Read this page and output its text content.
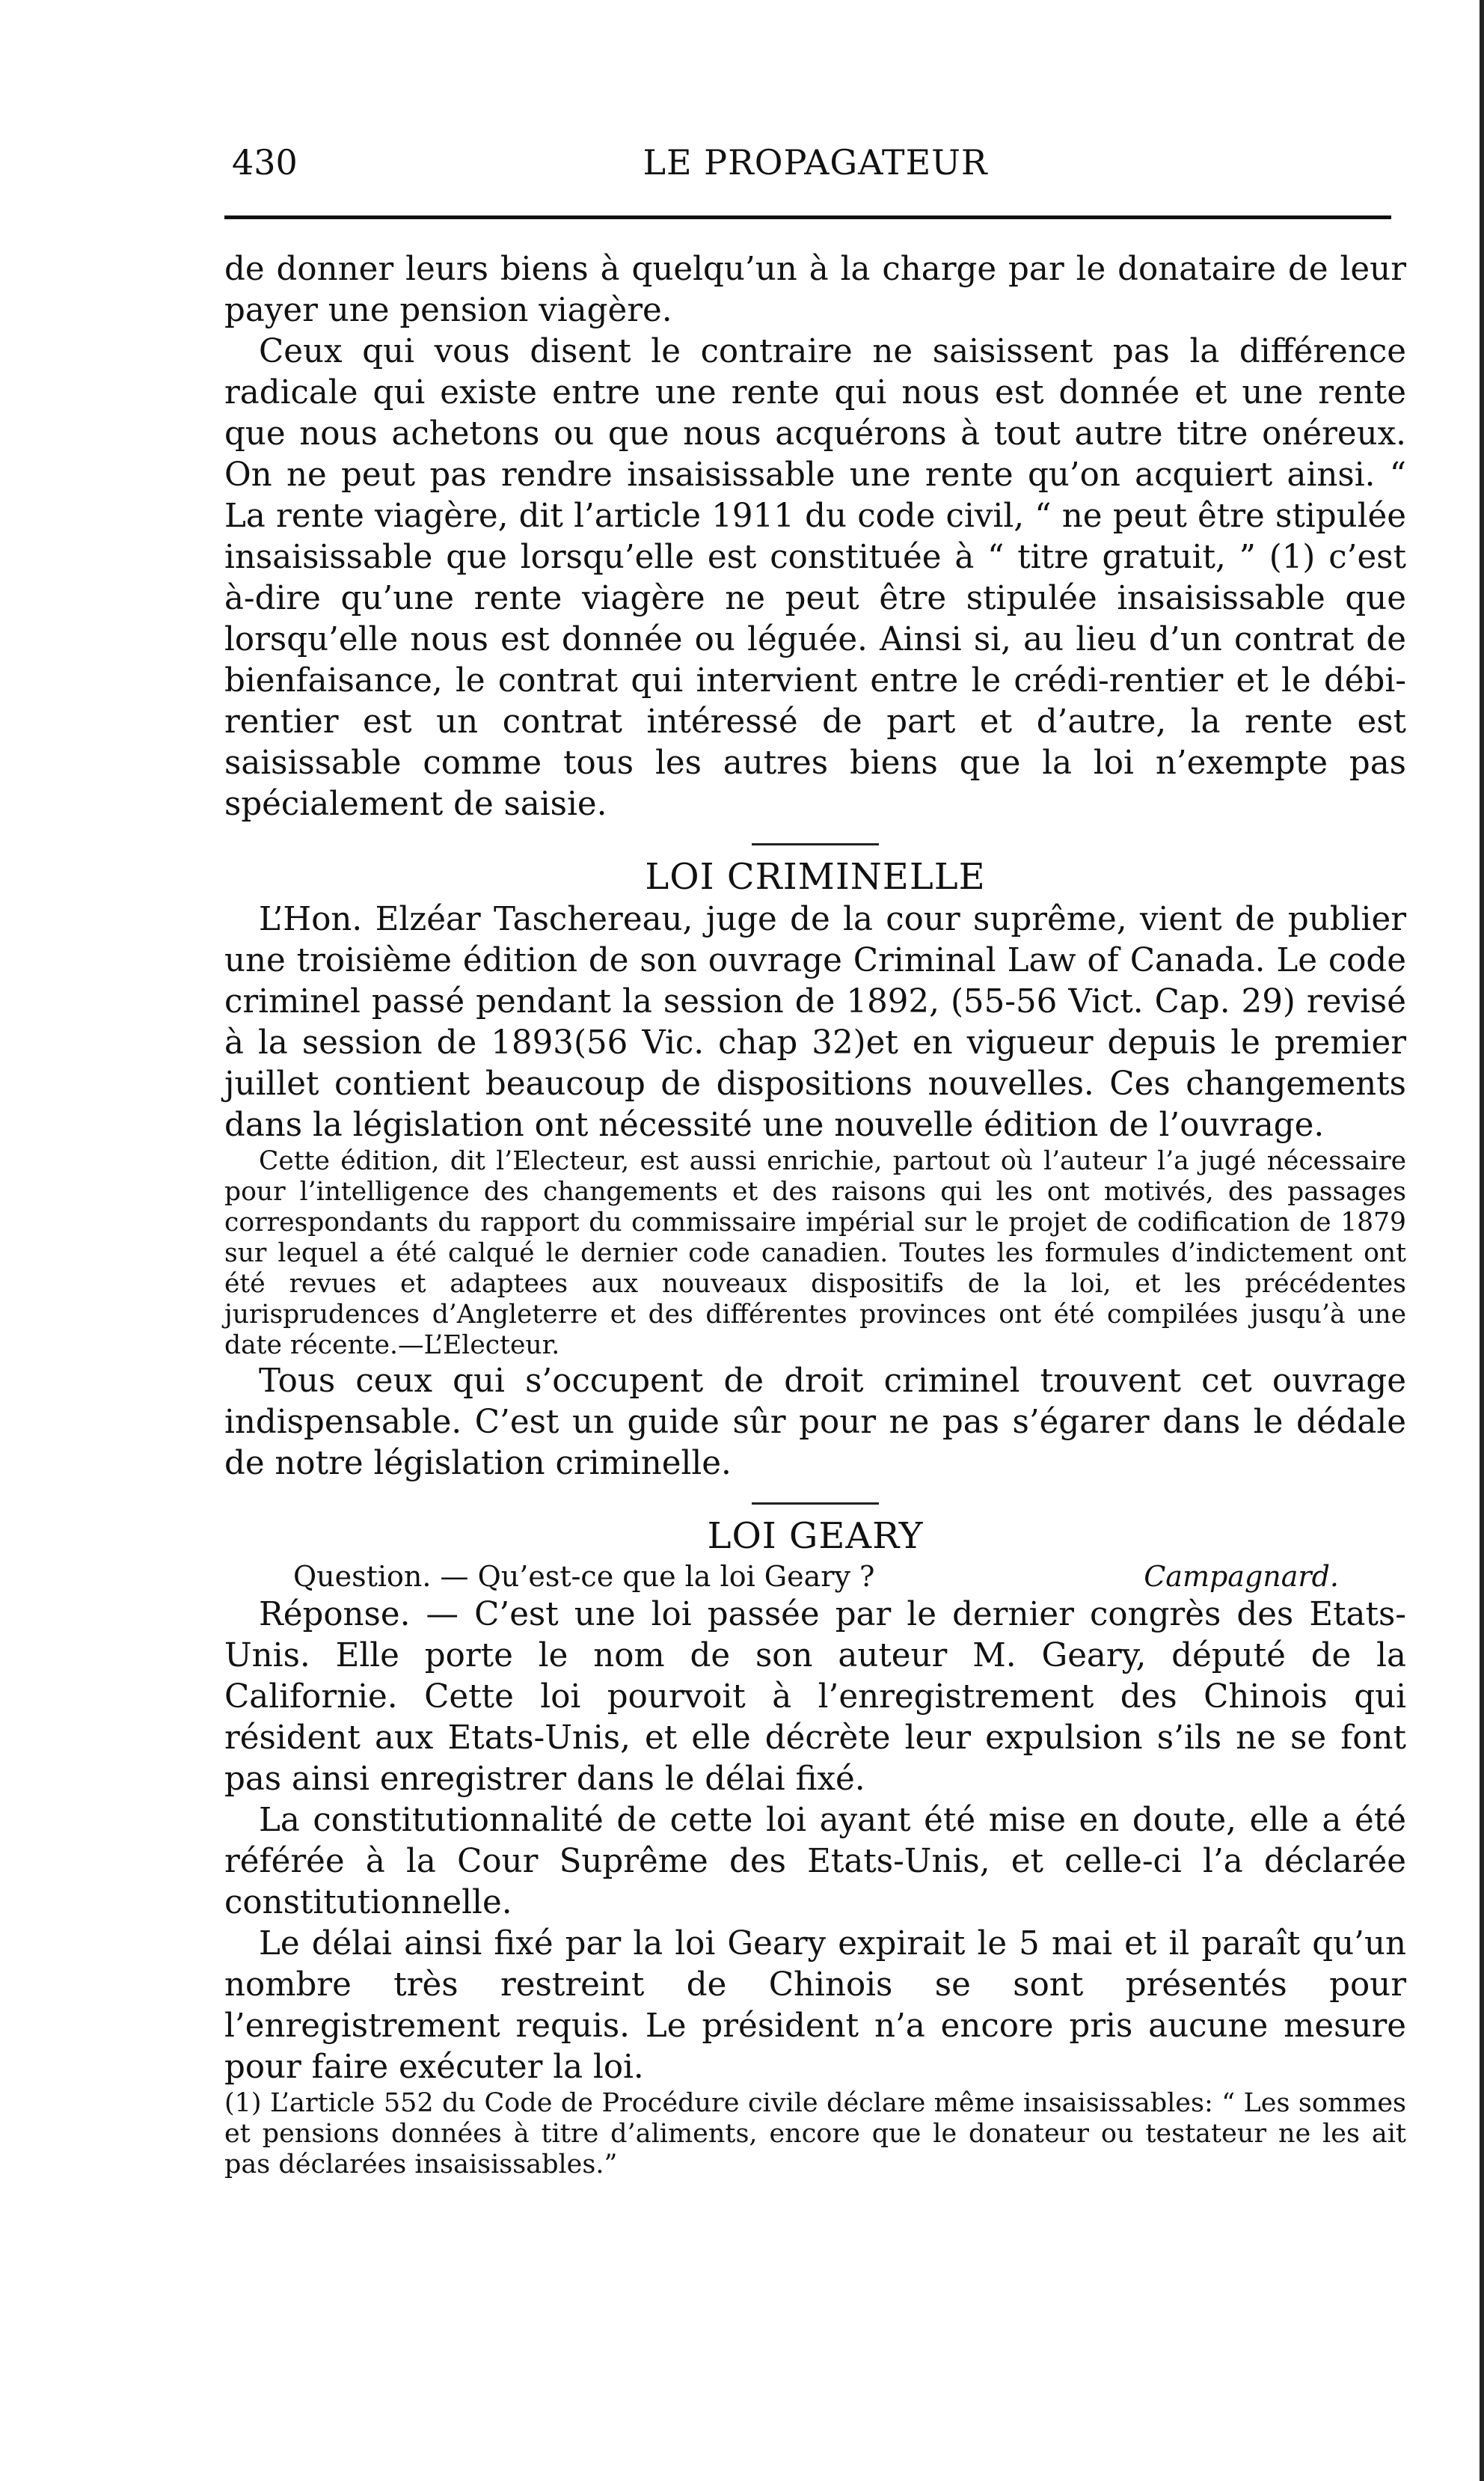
430	LE PROPAGATEUR

de donner leurs biens à quelqu’un à la charge par le donataire de leur payer une pension viagère.

Ceux qui vous disent le contraire ne saisissent pas la différence radicale qui existe entre une rente qui nous est donnée et une rente que nous achetons ou que nous acquérons à tout autre titre onéreux. On ne peut pas rendre insaisissable une rente qu’on acquiert ainsi. “ La rente viagère, dit l’article 1911 du code civil, “ ne peut être stipulée insaisissable que lorsqu’elle est constituée à “ titre gratuit, ” (1) c’est à-dire qu’une rente viagère ne peut être stipulée insaisissable que lorsqu’elle nous est donnée ou léguée. Ainsi si, au lieu d’un contrat de bienfaisance, le contrat qui intervient entre le crédi-rentier et le débi-rentier est un contrat intéressé de part et d’autre, la rente est saisissable comme tous les autres biens que la loi n’exempte pas spécialement de saisie.

LOI CRIMINELLE

L’Hon. Elzéar Taschereau, juge de la cour suprême, vient de publier une troisième édition de son ouvrage Criminal Law of Canada. Le code criminel passé pendant la session de 1892, (55-56 Vict. Cap. 29) revisé à la session de 1893(56 Vic. chap 32)et en vigueur depuis le premier juillet contient beaucoup de dispositions nouvelles. Ces changements dans la législation ont nécessité une nouvelle édition de l’ouvrage.

Cette édition, dit l’Electeur, est aussi enrichie, partout où l’auteur l’a jugé nécessaire pour l’intelligence des changements et des raisons qui les ont motivés, des passages correspondants du rapport du commissaire impérial sur le projet de codification de 1879 sur lequel a été calqué le dernier code canadien. Toutes les formules d’indictement ont été revues et adaptees aux nouveaux dispositifs de la loi, et les précédentes jurisprudences d’Angleterre et des différentes provinces ont été compilées jusqu’à une date récente.—L’Electeur.

Tous ceux qui s’occupent de droit criminel trouvent cet ouvrage indispensable. C’est un guide sûr pour ne pas s’égarer dans le dédale de notre législation criminelle.

LOI GEARY
Question. — Qu’est-ce que la loi Geary ?	Campagnard.

Réponse. — C’est une loi passée par le dernier congrès des Etats-Unis. Elle porte le nom de son auteur M. Geary, député de la Californie. Cette loi pourvoit à l’enregistrement des Chinois qui résident aux Etats-Unis, et elle décrète leur expulsion s’ils ne se font pas ainsi enregistrer dans le délai fixé.

La constitutionnalité de cette loi ayant été mise en doute, elle a été référée à la Cour Suprême des Etats-Unis, et celle-ci l’a déclarée constitutionnelle.

Le délai ainsi fixé par la loi Geary expirait le 5 mai et il paraît qu’un nombre très restreint de Chinois se sont présentés pour l’enregistrement requis. Le président n’a encore pris aucune mesure pour faire exécuter la loi.

(1) L’article 552 du Code de Procédure civile déclare même insaisissables: “ Les sommes et pensions données à titre d’aliments, encore que le donateur ou testateur ne les ait pas déclarées insaisissables.”
